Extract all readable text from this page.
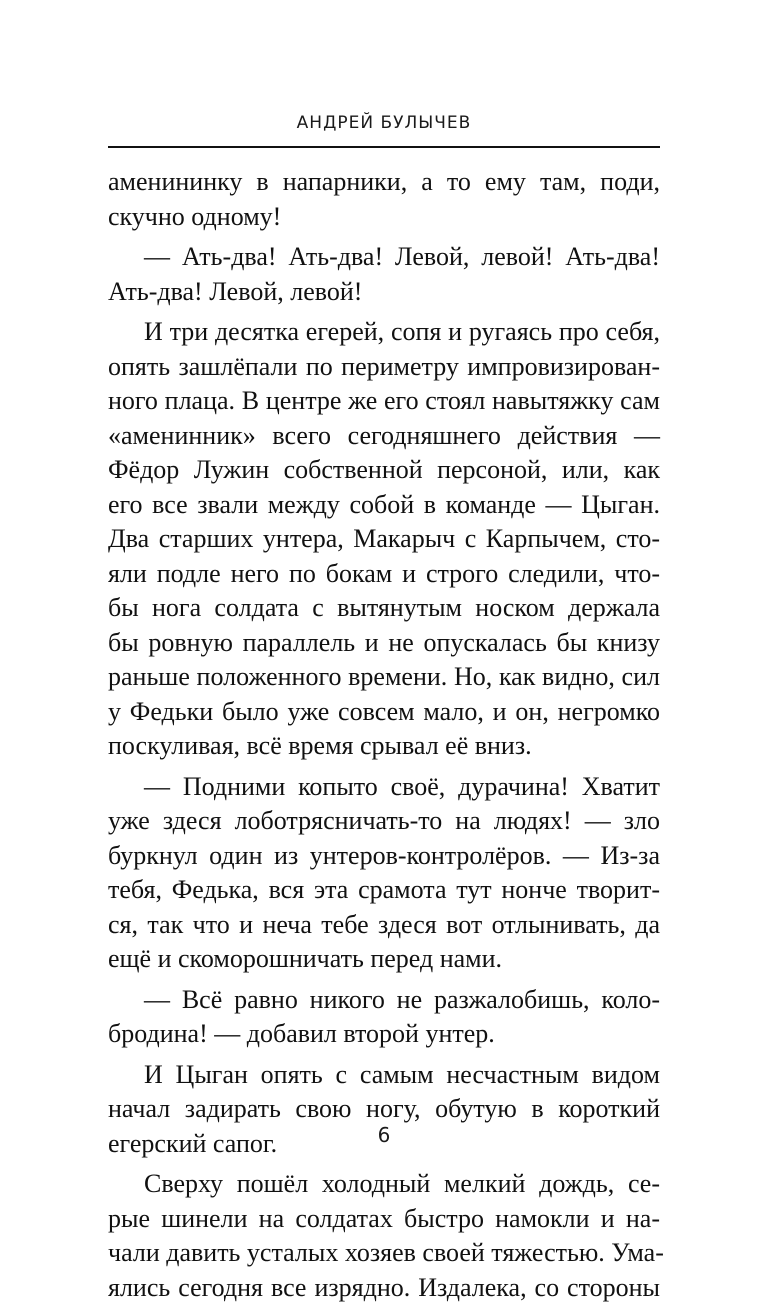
АНДРЕЙ БУЛЫЧЕВ
аменининку в напарники, а то ему там, поди,
скучно одному!
— Ать-два! Ать-два! Левой, левой! Ать-два!
Ать-два! Левой, левой!
И три десятка егерей, сопя и ругаясь про себя,
опять зашлёпали по периметру импровизирован-
ного плаца. В центре же его стоял навытяжку сам
«аменинник» всего сегодняшнего действия —
Фёдор Лужин собственной персоной, или, как
его все звали между собой в команде — Цыган.
Два старших унтера, Макарыч с Карпычем, сто-
яли подле него по бокам и строго следили, что-
бы нога солдата с вытянутым носком держала
бы ровную параллель и не опускалась бы книзу
раньше положенного времени. Но, как видно, сил
у Федьки было уже совсем мало, и он, негромко
поскуливая, всё время срывал её вниз.
— Подними копыто своё, дурачина! Хватит
уже здеся лоботрясничать-то на людях! — зло
буркнул один из унтеров-контролёров. — Из-за
тебя, Федька, вся эта срамота тут нонче творит-
ся, так что и неча тебе здеся вот отлынивать, да
ещё и скоморошничать перед нами.
— Всё равно никого не разжалобишь, коло-
бродина! — добавил второй унтер.
И Цыган опять с самым несчастным видом
начал задирать свою ногу, обутую в короткий
егерский сапог.
Сверху пошёл холодный мелкий дождь, се-
рые шинели на солдатах быстро намокли и на-
чали давить усталых хозяев своей тяжестью. Ума-
ялись сегодня все изрядно. Издалека, со стороны
6
